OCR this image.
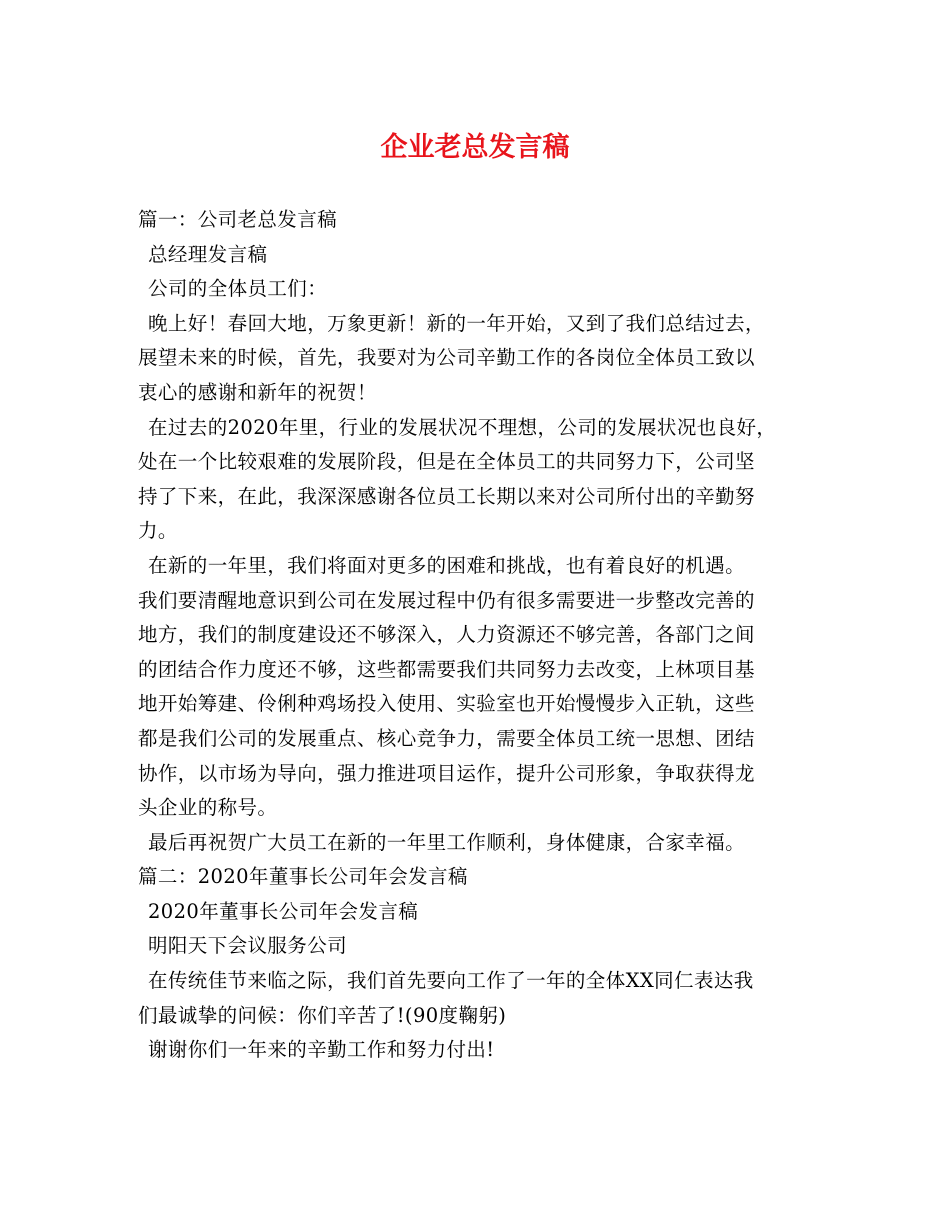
企业老总发言稿
篇一：公司老总发言稿
总经理发言稿
公司的全体员工们：
晚上好！春回大地，万象更新！新的一年开始，又到了我们总结过去，
展望未来的时候，首先，我要对为公司辛勤工作的各岗位全体员工致以
衷心的感谢和新年的祝贺！
在过去的2020年里，行业的发展状况不理想，公司的发展状况也良好，
处在一个比较艰难的发展阶段，但是在全体员工的共同努力下，公司坚
持了下来，在此，我深深感谢各位员工长期以来对公司所付出的辛勤努
力。
在新的一年里，我们将面对更多的困难和挑战，也有着良好的机遇。
我们要清醒地意识到公司在发展过程中仍有很多需要进一步整改完善的
地方，我们的制度建设还不够深入，人力资源还不够完善，各部门之间
的团结合作力度还不够，这些都需要我们共同努力去改变，上林项目基
地开始筹建、伶俐种鸡场投入使用、实验室也开始慢慢步入正轨，这些
都是我们公司的发展重点、核心竞争力，需要全体员工统一思想、团结
协作，以市场为导向，强力推进项目运作，提升公司形象，争取获得龙
头企业的称号。
最后再祝贺广大员工在新的一年里工作顺利，身体健康，合家幸福。
篇二：2020年董事长公司年会发言稿
2020年董事长公司年会发言稿
明阳天下会议服务公司
在传统佳节来临之际，我们首先要向工作了一年的全体XX同仁表达我
们最诚挚的问候：你们辛苦了!(90度鞠躬)
谢谢你们一年来的辛勤工作和努力付出!
